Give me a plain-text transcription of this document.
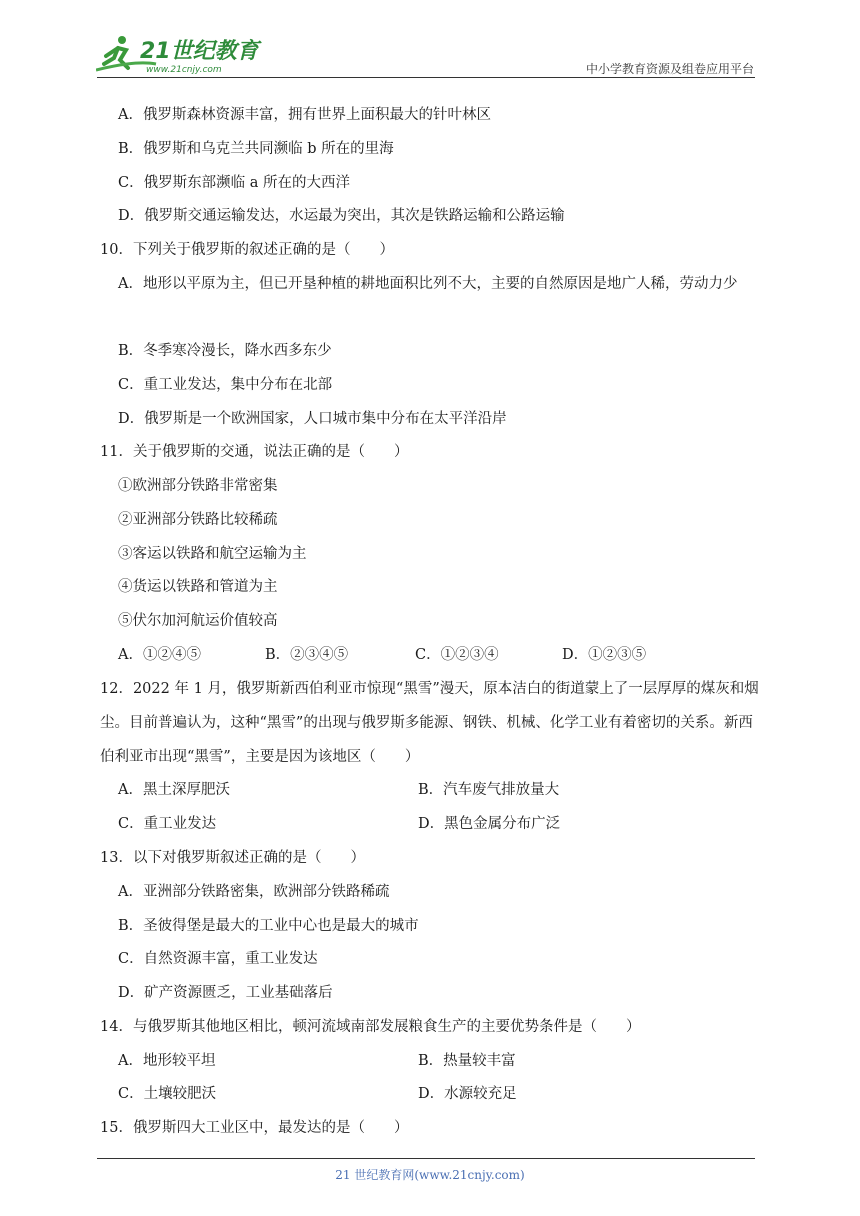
21世纪教育
www.21cnjy.com	中小学教育资源及组卷应用平台
A．俄罗斯森林资源丰富，拥有世界上面积最大的针叶林区
B．俄罗斯和乌克兰共同濒临 b 所在的里海
C．俄罗斯东部濒临 a 所在的大西洋
D．俄罗斯交通运输发达，水运最为突出，其次是铁路运输和公路运输
10．下列关于俄罗斯的叙述正确的是（　　）
A．地形以平原为主，但已开垦种植的耕地面积比列不大，主要的自然原因是地广人稀，劳动力少
B．冬季寒冷漫长，降水西多东少
C．重工业发达，集中分布在北部
D．俄罗斯是一个欧洲国家，人口城市集中分布在太平洋沿岸
11．关于俄罗斯的交通，说法正确的是（　　）
①欧洲部分铁路非常密集
②亚洲部分铁路比较稀疏
③客运以铁路和航空运输为主
④货运以铁路和管道为主
⑤伏尔加河航运价值较高
A．①②④⑤	B．②③④⑤	C．①②③④	D．①②③⑤
12．2022 年 1 月，俄罗斯新西伯利亚市惊现“黑雪”漫天，原本洁白的街道蒙上了一层厚厚的煤灰和烟尘。目前普遍认为，这种“黑雪”的出现与俄罗斯多能源、钢铁、机械、化学工业有着密切的关系。新西伯利亚市出现“黑雪”，主要是因为该地区（　　）
A．黑土深厚肥沃	B．汽车废气排放量大
C．重工业发达	D．黑色金属分布广泛
13．以下对俄罗斯叙述正确的是（　　）
A．亚洲部分铁路密集，欧洲部分铁路稀疏
B．圣彼得堡是最大的工业中心也是最大的城市
C．自然资源丰富，重工业发达
D．矿产资源匮乏，工业基础落后
14．与俄罗斯其他地区相比，顿河流域南部发展粮食生产的主要优势条件是（　　）
A．地形较平坦	B．热量较丰富
C．土壤较肥沃	D．水源较充足
15．俄罗斯四大工业区中，最发达的是（　　）
21 世纪教育网(www.21cnjy.com)
